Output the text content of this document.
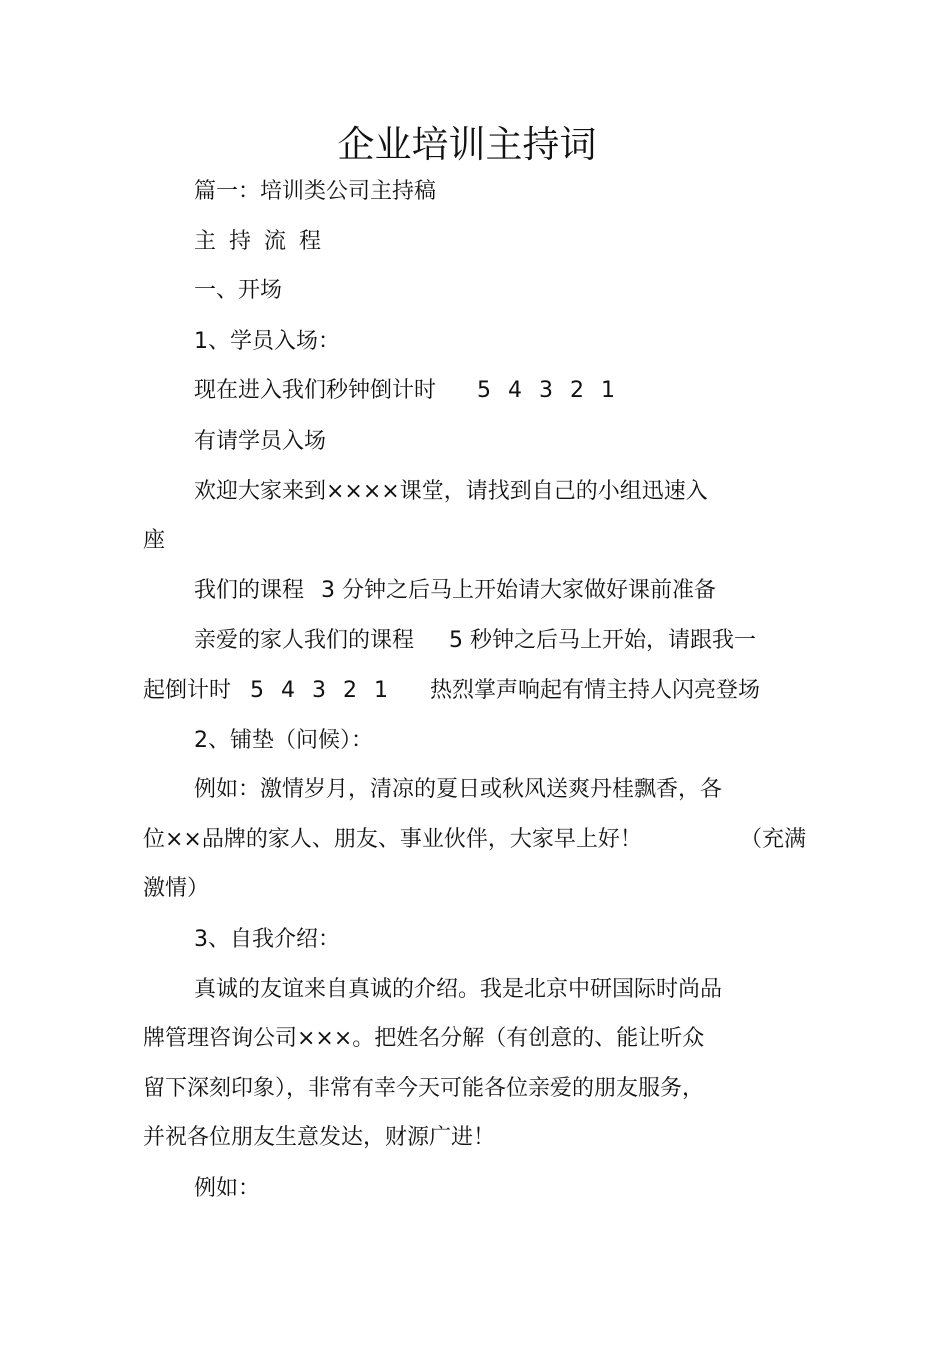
企业培训主持词
篇一：培训类公司主持稿
主持流程
一、开场
1、学员入场：
现在进入我们秒钟倒计时 5 4 3 2 1
有请学员入场
欢迎大家来到××××课堂，请找到自己的小组迅速入
座
我们的课程 3 分钟之后马上开始请大家做好课前准备
亲爱的家人我们的课程 5 秒钟之后马上开始，请跟我一
起倒计时 5 4 3 2 1 热烈掌声响起有情主持人闪亮登场
2、铺垫（问候）：
例如：激情岁月，清凉的夏日或秋风送爽丹桂飘香，各
位××品牌的家人、朋友、事业伙伴，大家早上好！	（充满
激情）
3、自我介绍：
真诚的友谊来自真诚的介绍。我是北京中研国际时尚品
牌管理咨询公司×××。把姓名分解（有创意的、能让听众
留下深刻印象），非常有幸今天可能各位亲爱的朋友服务，
并祝各位朋友生意发达，财源广进！
例如：
